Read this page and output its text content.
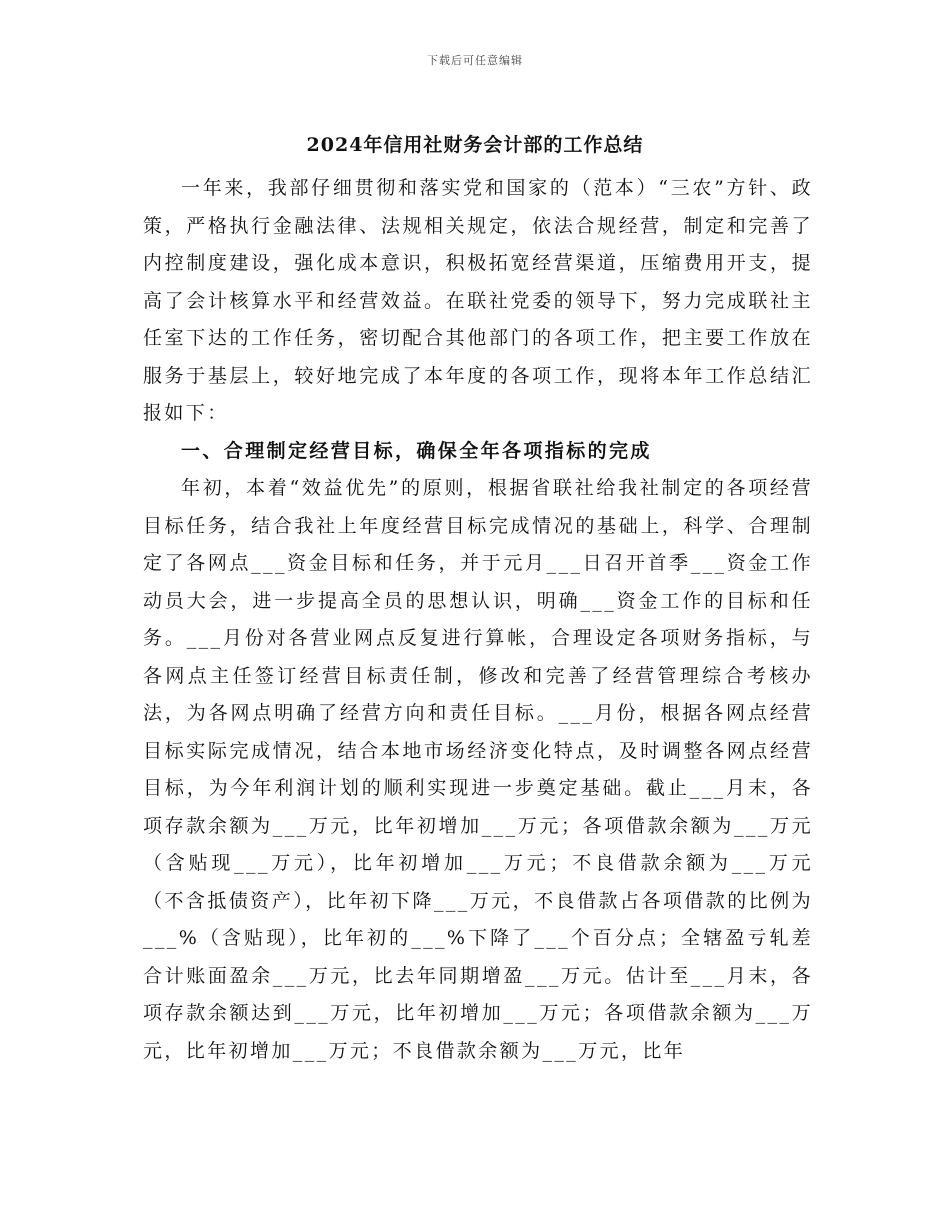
下载后可任意编辑
2024年信用社财务会计部的工作总结

一年来，我部仔细贯彻和落实党和国家的（范本）“三农”方针、政策，严格执行金融法律、法规相关规定，依法合规经营，制定和完善了内控制度建设，强化成本意识，积极拓宽经营渠道，压缩费用开支，提高了会计核算水平和经营效益。在联社党委的领导下，努力完成联社主任室下达的工作任务，密切配合其他部门的各项工作，把主要工作放在服务于基层上，较好地完成了本年度的各项工作，现将本年工作总结汇报如下：

一、合理制定经营目标，确保全年各项指标的完成

年初，本着“效益优先”的原则，根据省联社给我社制定的各项经营目标任务，结合我社上年度经营目标完成情况的基础上，科学、合理制定了各网点___资金目标和任务，并于元月___日召开首季___资金工作动员大会，进一步提高全员的思想认识，明确___资金工作的目标和任务。___月份对各营业网点反复进行算帐，合理设定各项财务指标，与各网点主任签订经营目标责任制，修改和完善了经营管理综合考核办法，为各网点明确了经营方向和责任目标。___月份，根据各网点经营目标实际完成情况，结合本地市场经济变化特点，及时调整各网点经营目标，为今年利润计划的顺利实现进一步奠定基础。截止___月末，各项存款余额为___万元，比年初增加___万元；各项借款余额为___万元（含贴现___万元），比年初增加___万元；不良借款余额为___万元（不含抵债资产），比年初下降___万元，不良借款占各项借款的比例为___%（含贴现），比年初的___%下降了___个百分点；全辖盈亏轧差合计账面盈余___万元，比去年同期增盈___万元。估计至___月末，各项存款余额达到___万元，比年初增加___万元；各项借款余额为___万元，比年初增加___万元；不良借款余额为___万元，比年
